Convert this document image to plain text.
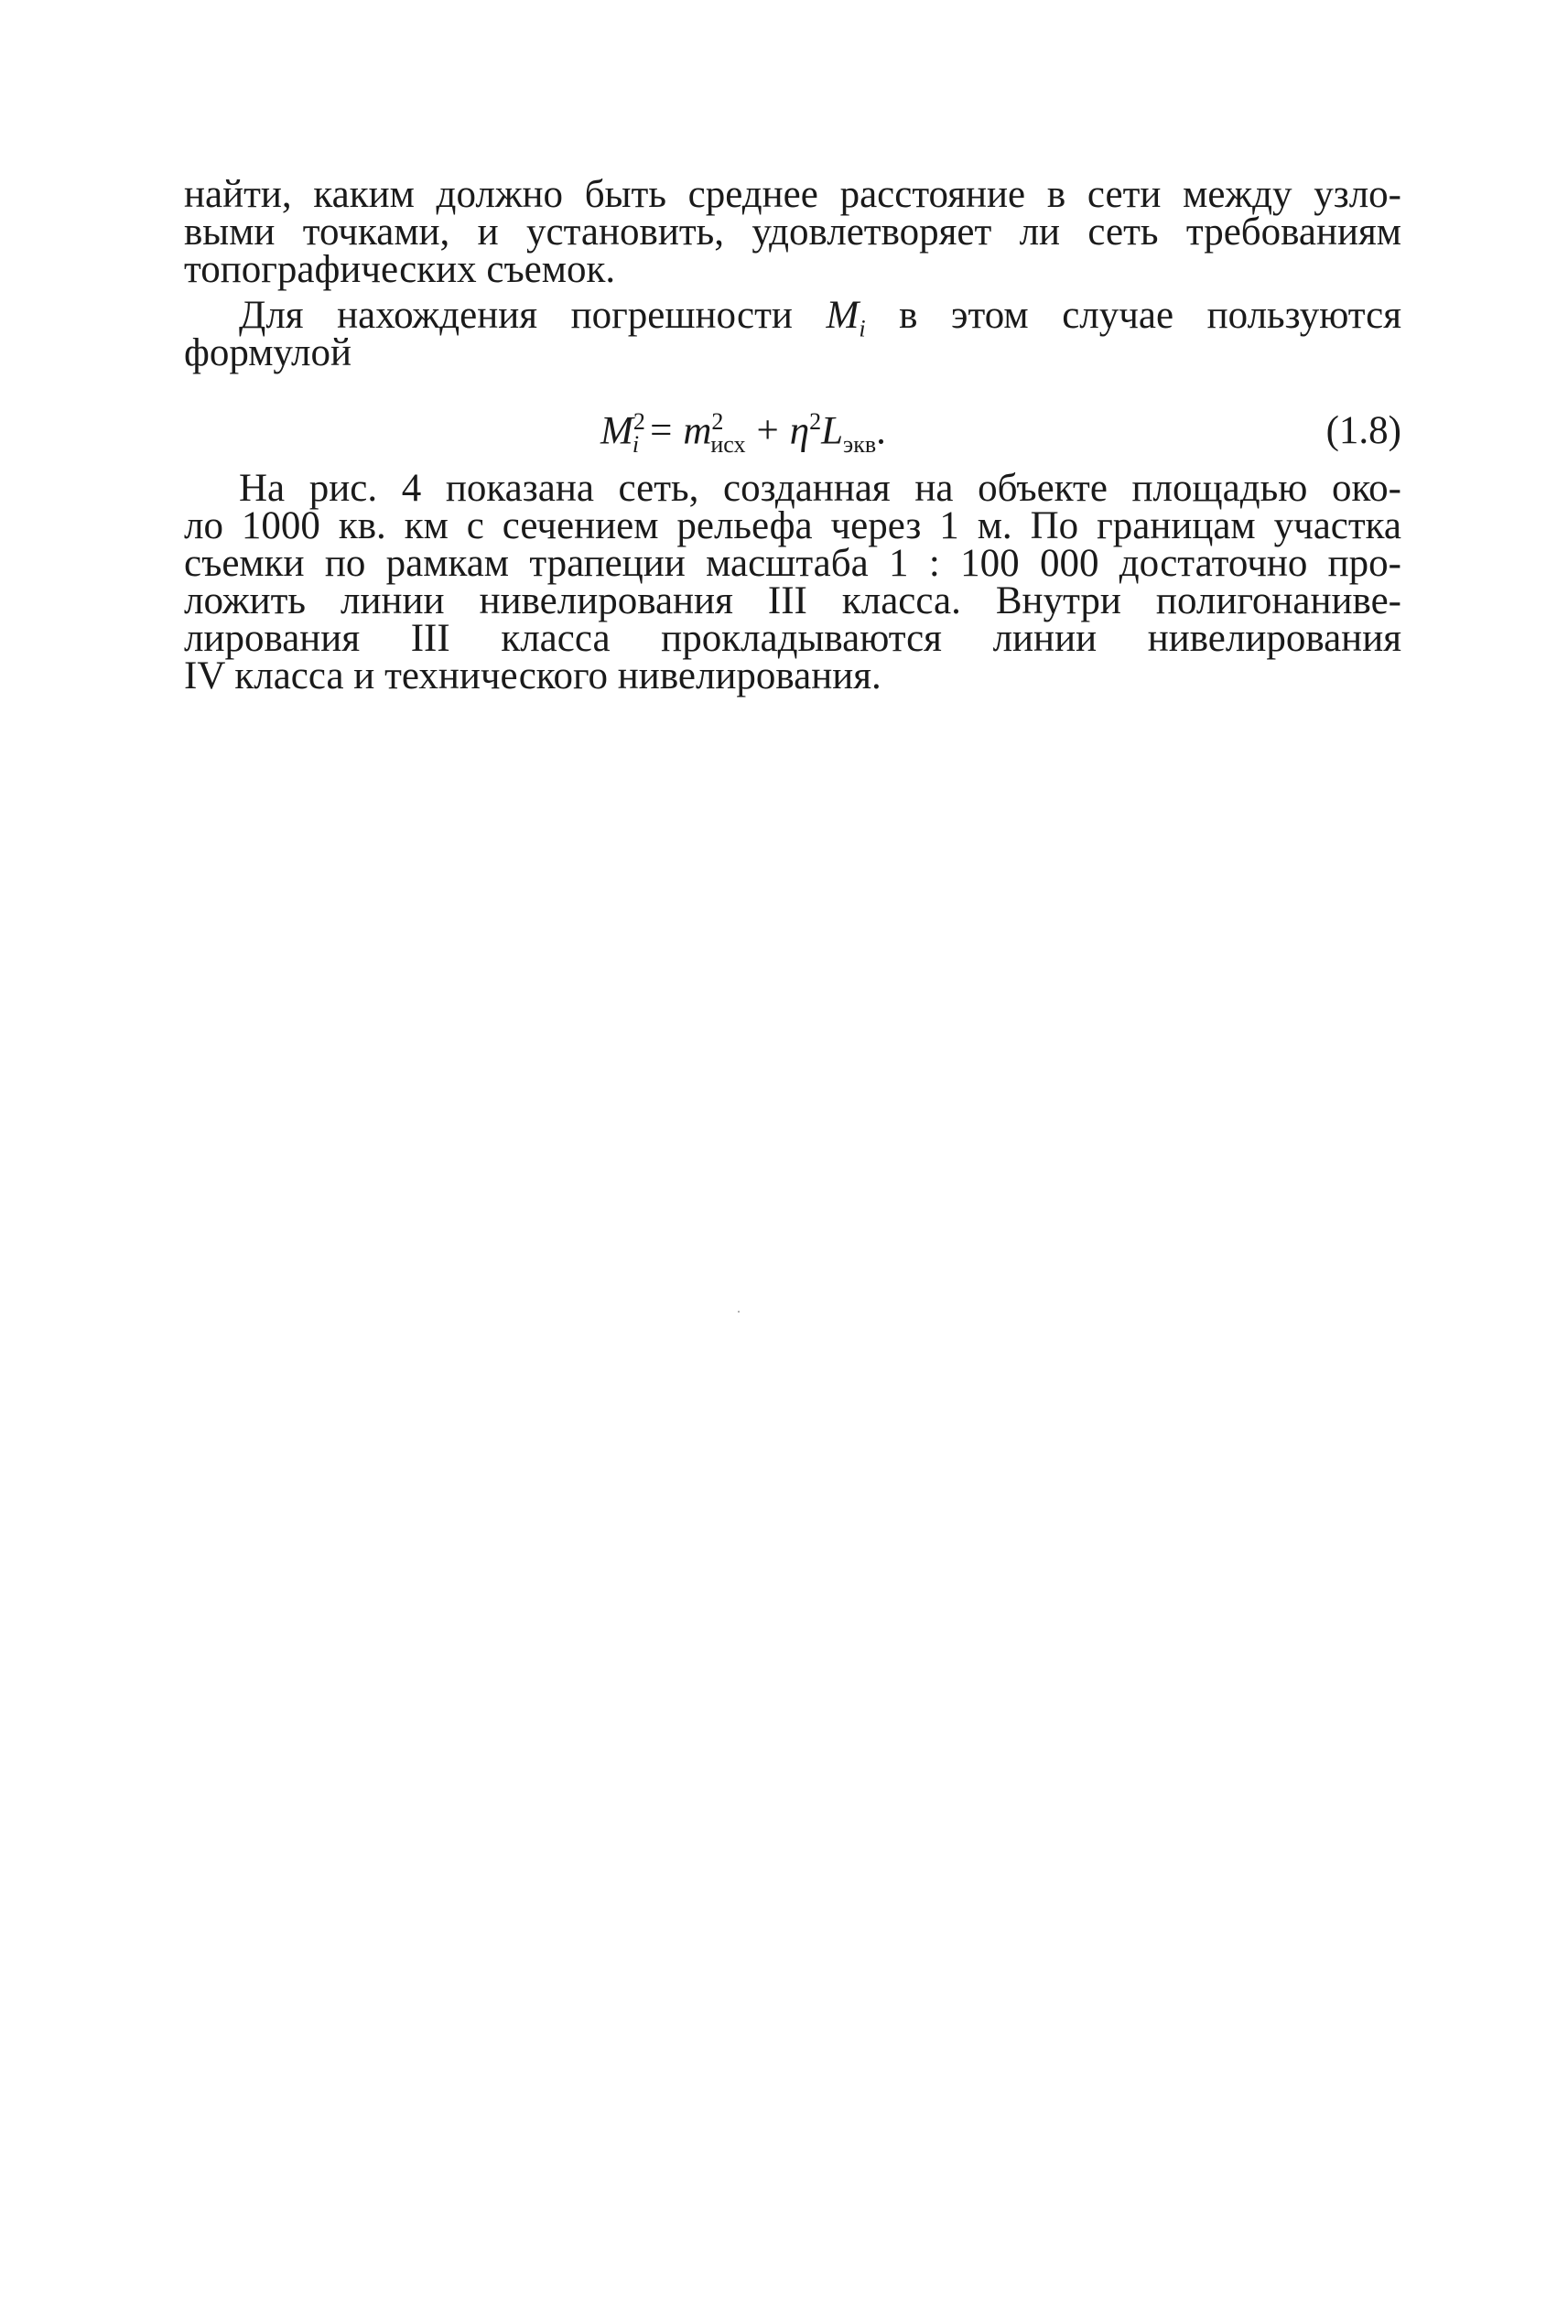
найти, каким должно быть среднее расстояние в сети между узло-
выми точками, и установить, удовлетворяет ли сеть требованиям
топографических съемок.
Для нахождения погрешности $M_i$ в этом случае пользуются
формулой
$M^2_i = m^2_{исх} + \eta^2L_{экв}$.	(1.8)
На рис. 4 показана сеть, созданная на объекте площадью око-
ло 1000 кв. км с сечением рельефа через 1 м. По границам участка
съемки по рамкам трапеции масштаба 1 : 100 000 достаточно про-
ложить линии нивелирования III класса. Внутри полигонаниве-
лирования III класса прокладываются линии нивелирования
IV класса и технического нивелирования.
